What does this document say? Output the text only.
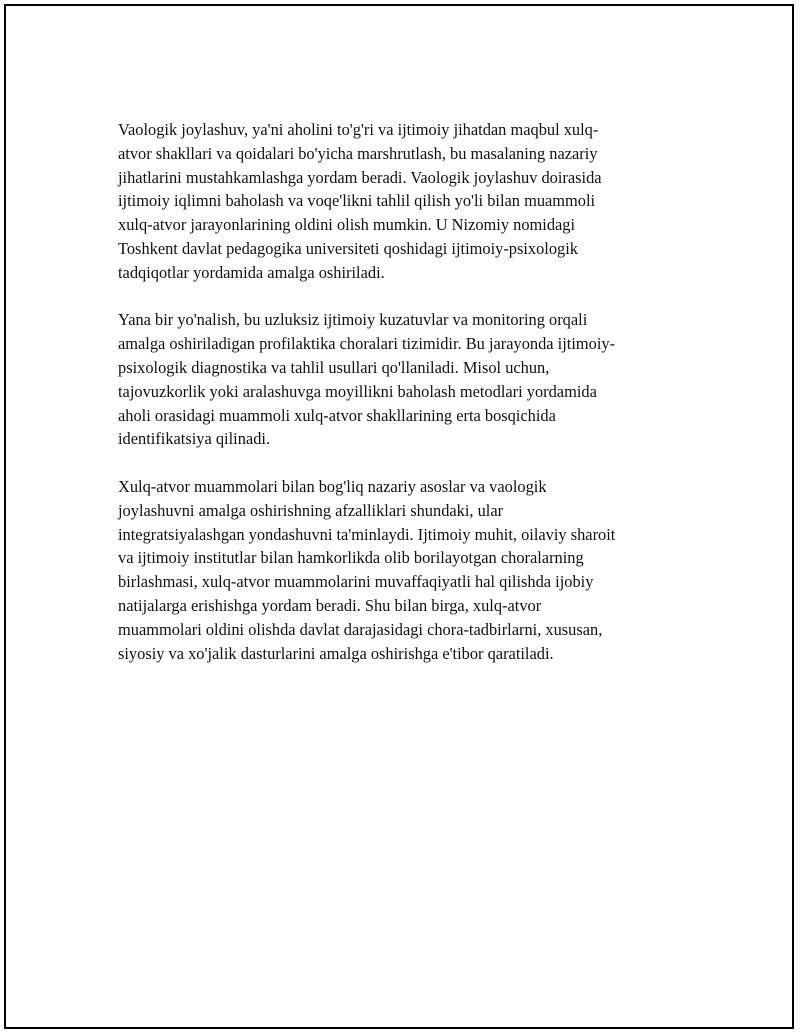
Vaologik joylashuv, ya'ni aholini to'g'ri va ijtimoiy jihatdan maqbul xulq-
atvor shakllari va qoidalari bo'yicha marshrutlash, bu masalaning nazariy
jihatlarini mustahkamlashga yordam beradi. Vaologik joylashuv doirasida
ijtimoiy iqlimni baholash va voqe'likni tahlil qilish yo'li bilan muammoli
xulq-atvor jarayonlarining oldini olish mumkin. U Nizomiy nomidagi
Toshkent davlat pedagogika universiteti qoshidagi ijtimoiy-psixologik
tadqiqotlar yordamida amalga oshiriladi.

Yana bir yo'nalish, bu uzluksiz ijtimoiy kuzatuvlar va monitoring orqali
amalga oshiriladigan profilaktika choralari tizimidir. Bu jarayonda ijtimoiy-
psixologik diagnostika va tahlil usullari qo'llaniladi. Misol uchun,
tajovuzkorlik yoki aralashuvga moyillikni baholash metodlari yordamida
aholi orasidagi muammoli xulq-atvor shakllarining erta bosqichida
identifikatsiya qilinadi.

Xulq-atvor muammolari bilan bog'liq nazariy asoslar va vaologik
joylashuvni amalga oshirishning afzalliklari shundaki, ular
integratsiyalashgan yondashuvni ta'minlaydi. Ijtimoiy muhit, oilaviy sharoit
va ijtimoiy institutlar bilan hamkorlikda olib borilayotgan choralarning
birlashmasi, xulq-atvor muammolarini muvaffaqiyatli hal qilishda ijobiy
natijalarga erishishga yordam beradi. Shu bilan birga, xulq-atvor
muammolari oldini olishda davlat darajasidagi chora-tadbirlarni, xususan,
siyosiy va xo'jalik dasturlarini amalga oshirishga e'tibor qaratiladi.
